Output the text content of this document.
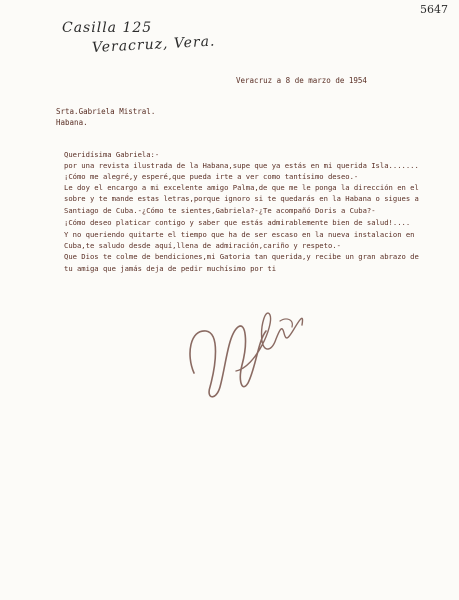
5647
Casilla 125
Veracruz, Vera.
Veracruz a 8 de marzo de 1954
Srta.Gabriela Mistral.
Habana.
Queridísima Gabriela:-
por una revista ilustrada de la Habana,supe que ya estás en mi querida Isla.......
¡Cómo me alegré,y esperé,que pueda irte a ver como tantísimo deseo.-
Le doy el encargo a mi excelente amigo Palma,de que me le ponga la dirección en el
sobre y te mande estas letras,porque ignoro si te quedarás en la Habana o sigues a
Santiago de Cuba.-¿Cómo te sientes,Gabriela?-¿Te acompañó Doris a Cuba?-
¡Cómo deseo platicar contigo y saber que estás admirablemente bien de salud!....
Y no queriendo quitarte el tiempo que ha de ser escaso en la nueva instalacion en
Cuba,te saludo desde aquí,llena de admiración,cariño y respeto.-
Que Dios te colme de bendiciones,mi Gatoria tan querida,y recibe un gran abrazo de
tu amiga que jamás deja de pedir muchísimo por ti
